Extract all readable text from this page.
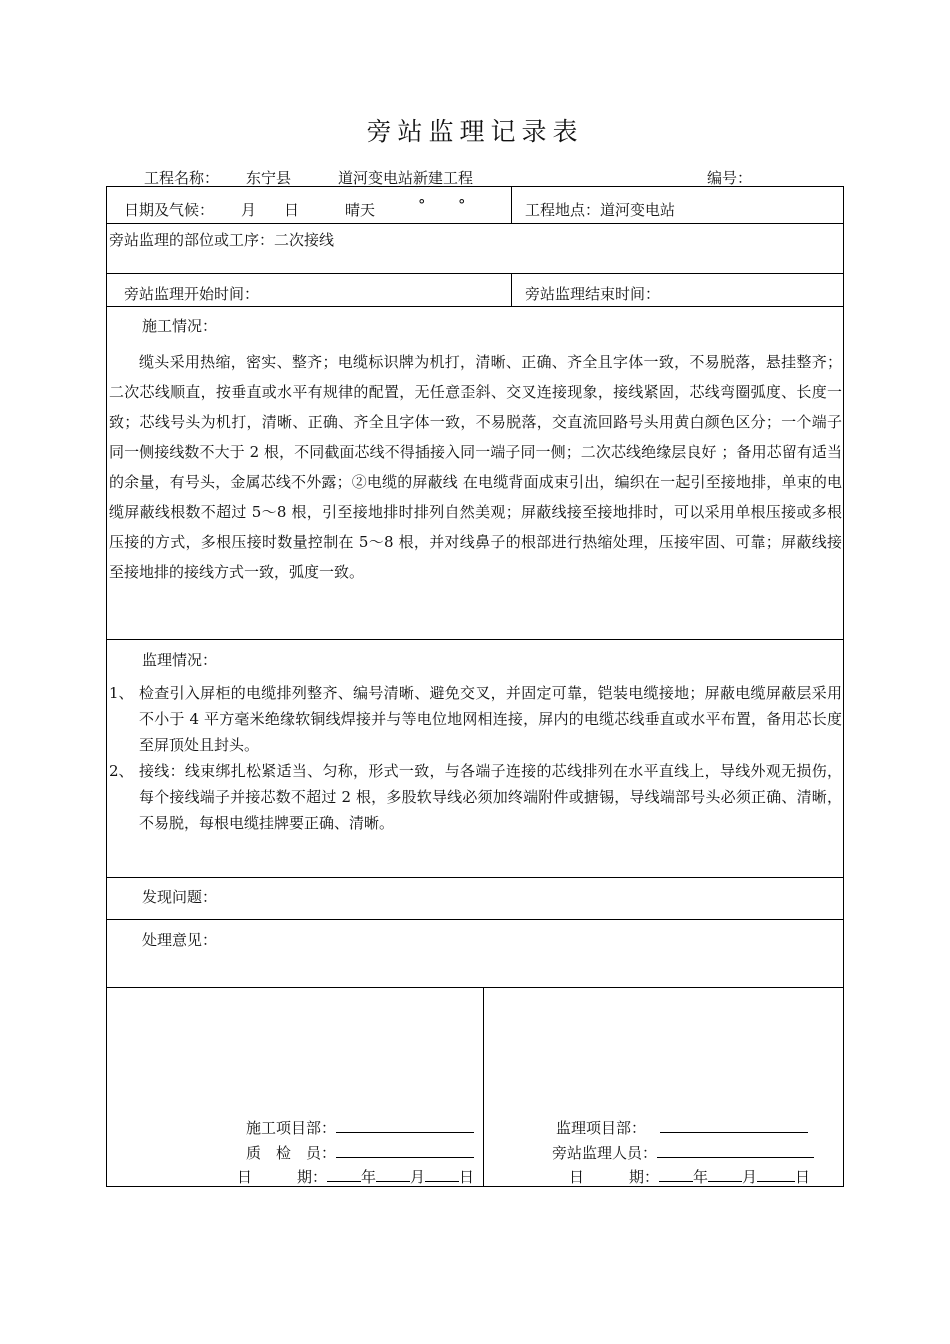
旁站监理记录表
工程名称： 东宁县	道河变电站新建工程	编号：
日期及气候： 月 日	晴天	° °	工程地点：道河变电站
旁站监理的部位或工序：二次接线
旁站监理开始时间：	旁站监理结束时间：
施工情况：
缆头采用热缩，密实、整齐；电缆标识牌为机打，清晰、正确、齐全且字体一致，不易脱落，悬挂整齐；二次芯线顺直，按垂直或水平有规律的配置，无任意歪斜、交叉连接现象，接线紧固，芯线弯圈弧度、长度一致；芯线号头为机打，清晰、正确、齐全且字体一致，不易脱落，交直流回路号头用黄白颜色区分；一个端子同一侧接线数不大于 2 根，不同截面芯线不得插接入同一端子同一侧；二次芯线绝缘层良好 ；备用芯留有适当的余量，有号头，金属芯线不外露；②电缆的屏蔽线 在电缆背面成束引出，编织在一起引至接地排，单束的电缆屏蔽线根数不超过 5～8 根，引至接地排时排列自然美观；屏蔽线接至接地排时，可以采用单根压接或多根压接的方式，多根压接时数量控制在 5～8 根，并对线鼻子的根部进行热缩处理，压接牢固、可靠；屏蔽线接至接地排的接线方式一致，弧度一致。
监理情况：
1、 检查引入屏柜的电缆排列整齐、编号清晰、避免交叉，并固定可靠，铠装电缆接地；屏蔽电缆屏蔽层采用不小于 4 平方毫米绝缘软铜线焊接并与等电位地网相连接，屏内的电缆芯线垂直或水平布置，备用芯长度至屏顶处且封头。
2、 接线：线束绑扎松紧适当、匀称，形式一致，与各端子连接的芯线排列在水平直线上，导线外观无损伤，每个接线端子并接芯数不超过 2 根，多股软导线必须加终端附件或搪锡，导线端部号头必须正确、清晰，不易脱，每根电缆挂牌要正确、清晰。
发现问题：
处理意见：
施工项目部：
质　检　员：
日　　　期： 年 月 日
监理项目部：
旁站监理人员：
日　　　期： 年 月	日
